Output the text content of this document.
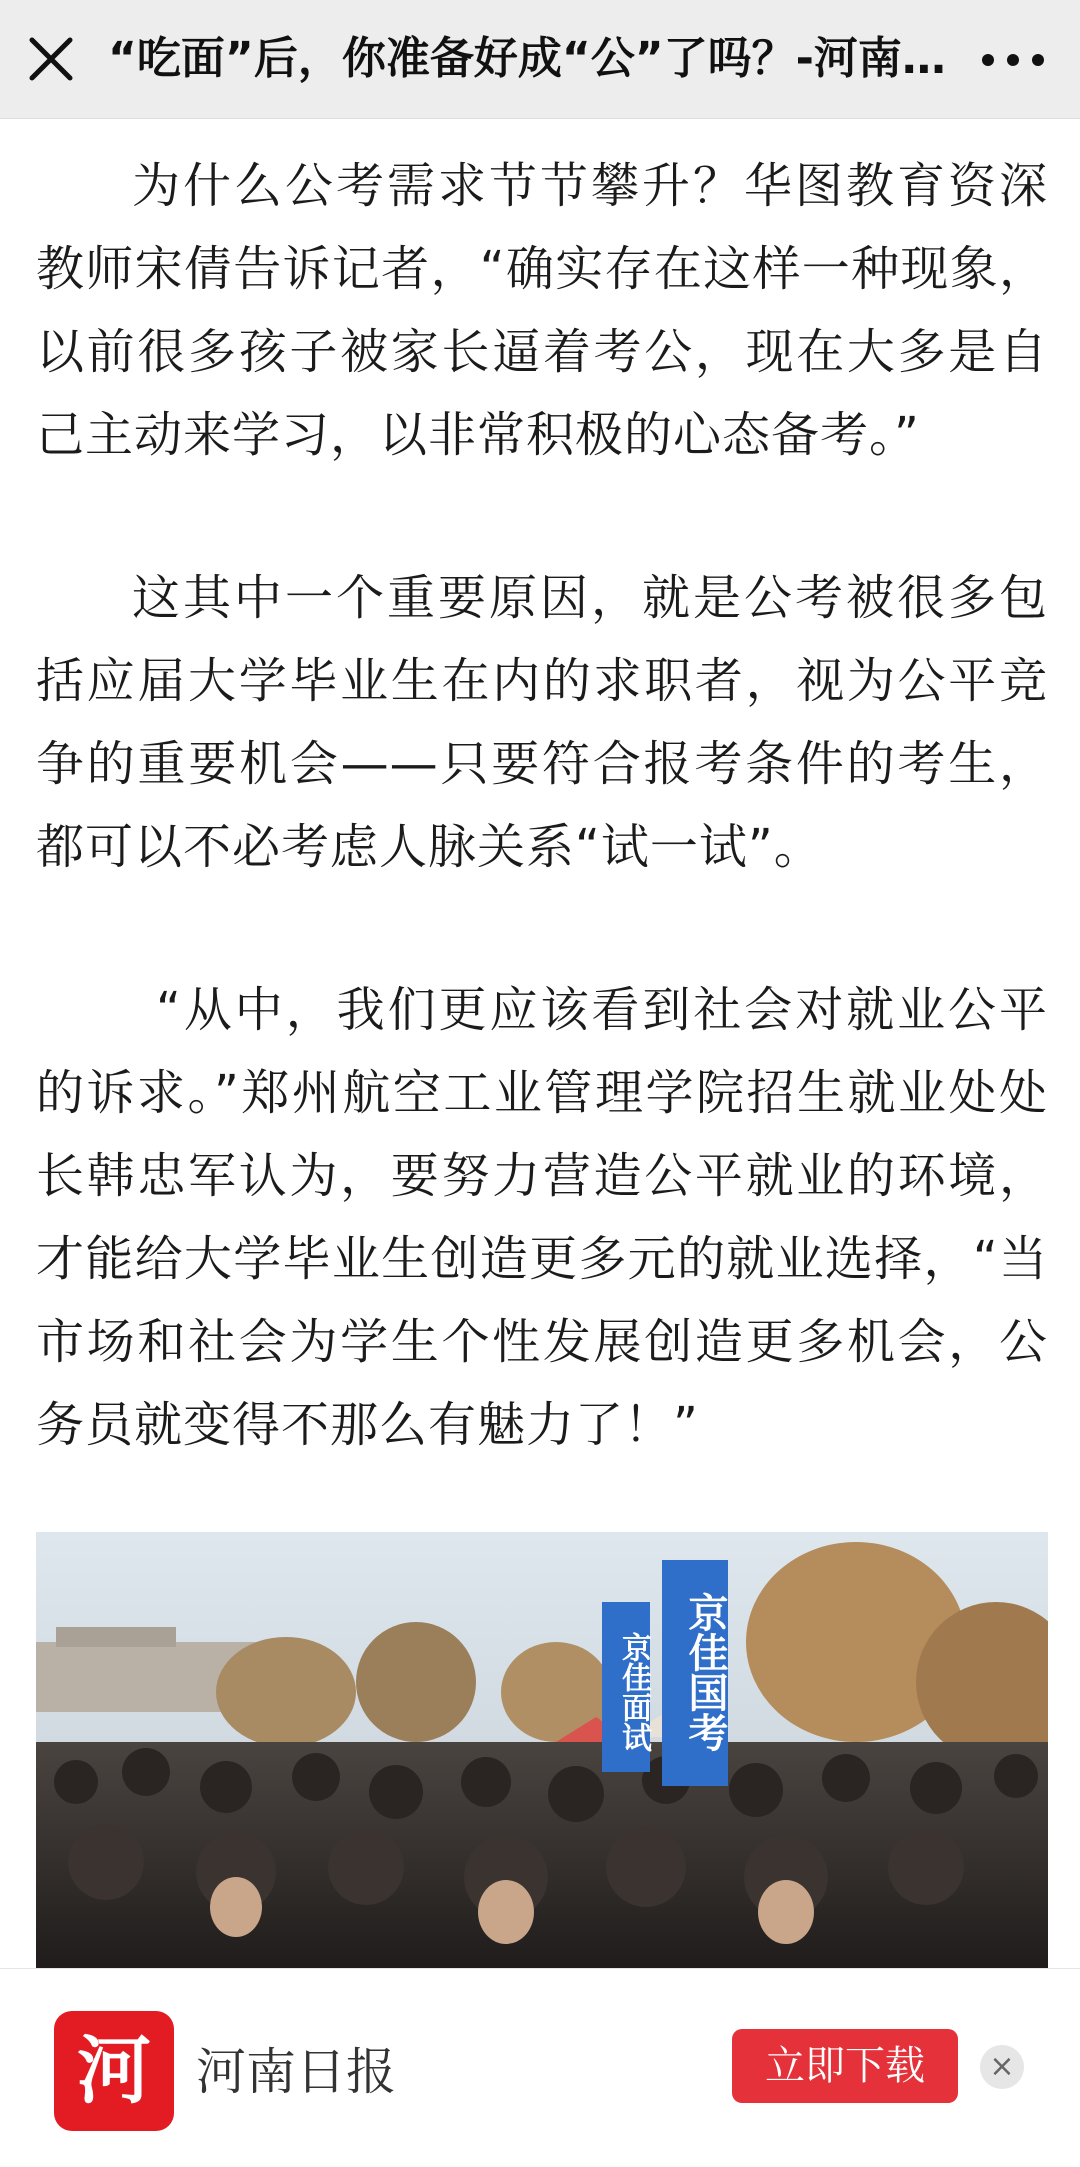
“吃面”后，你准备好成“公”了吗？-河南…

为什么公考需求节节攀升？华图教育资深教师宋倩告诉记者，“确实存在这样一种现象，以前很多孩子被家长逼着考公，现在大多是自己主动来学习，以非常积极的心态备考。”

这其中一个重要原因，就是公考被很多包括应届大学毕业生在内的求职者，视为公平竞争的重要机会——只要符合报考条件的考生，都可以不必考虑人脉关系“试一试”。

“从中，我们更应该看到社会对就业公平的诉求。”郑州航空工业管理学院招生就业处处长韩忠军认为，要努力营造公平就业的环境，才能给大学毕业生创造更多元的就业选择，“当市场和社会为学生个性发展创造更多机会，公务员就变得不那么有魅力了！”

京佳面试 京佳国考
河 河南日报	立即下载	×
